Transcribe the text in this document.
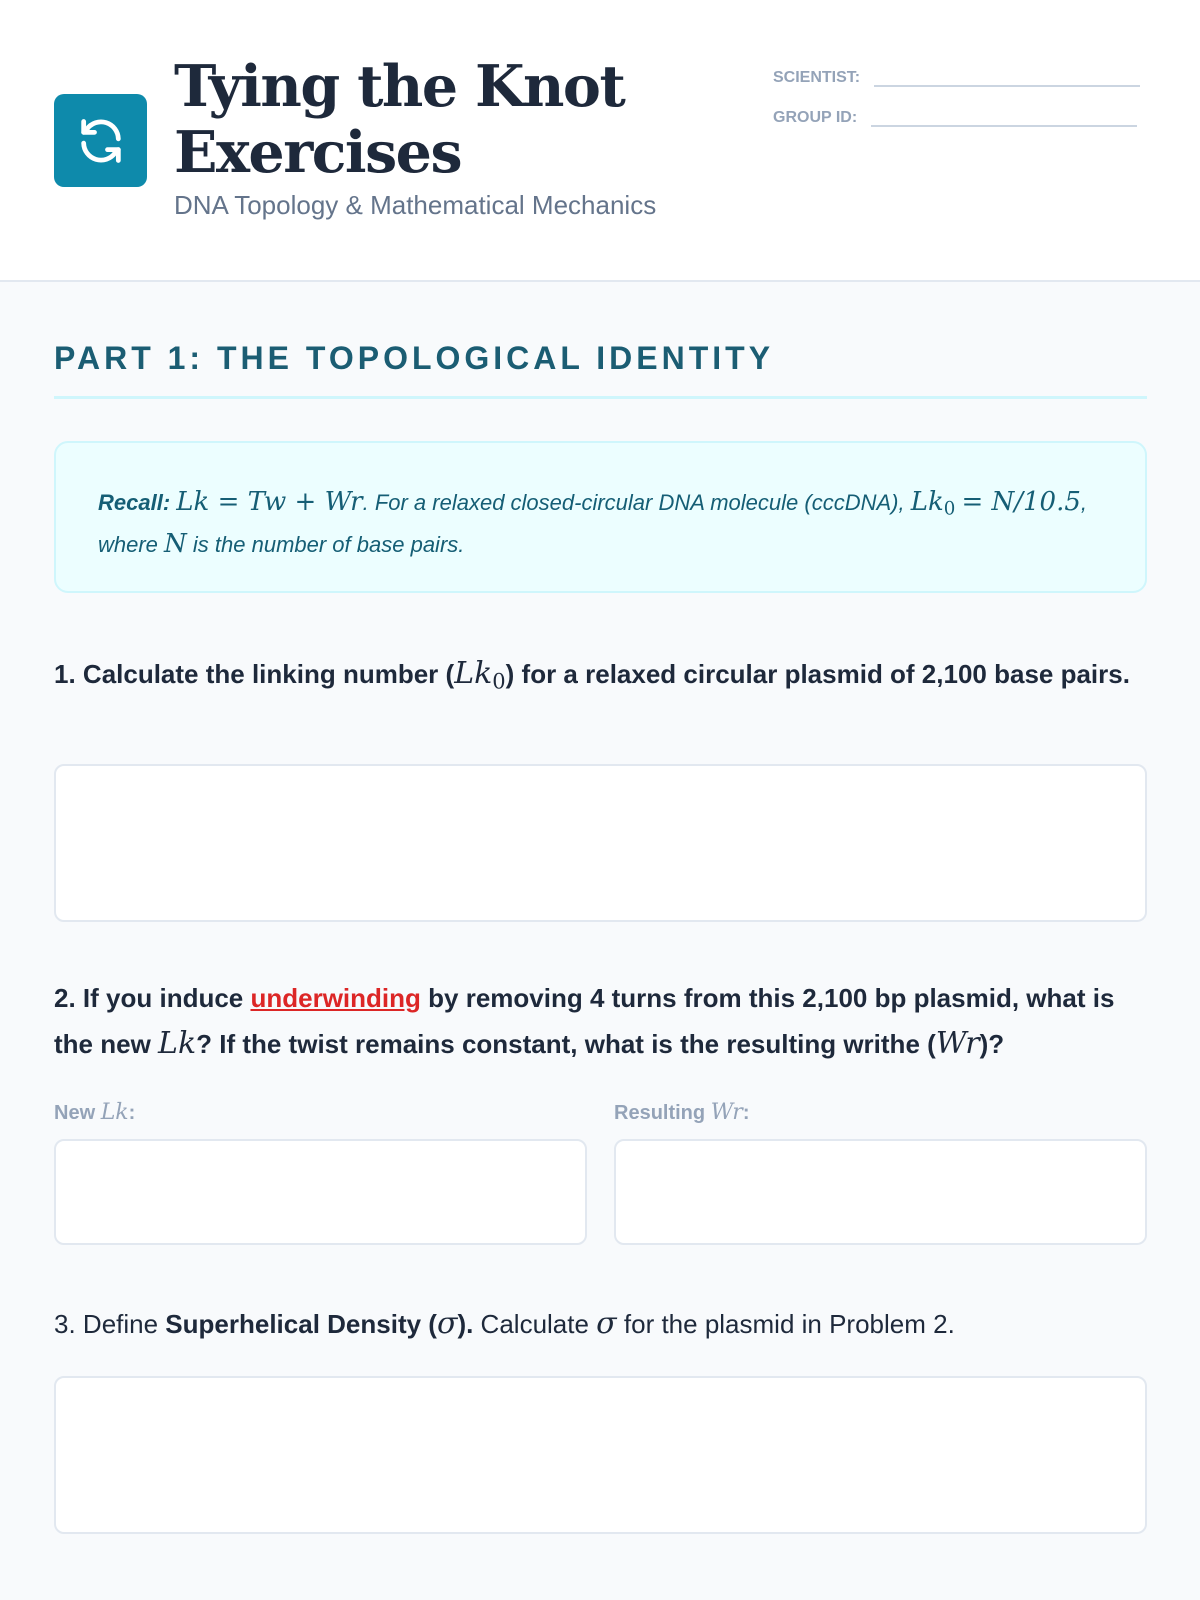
Tying the Knot Exercises
DNA Topology & Mathematical Mechanics
SCIENTIST:
GROUP ID:
PART 1: THE TOPOLOGICAL IDENTITY
Recall: Lk = Tw + Wr. For a relaxed closed-circular DNA molecule (cccDNA), $Lk_0 = N/10.5$, where N is the number of base pairs.
1. Calculate the linking number $(Lk_0)$ for a relaxed circular plasmid of 2,100 base pairs.
2. If you induce underwinding by removing 4 turns from this 2,100 bp plasmid, what is the new Lk? If the twist remains constant, what is the resulting writhe (Wr)?
New Lk:	Resulting Wr:
3. Define Superhelical Density (σ). Calculate σ for the plasmid in Problem 2.
